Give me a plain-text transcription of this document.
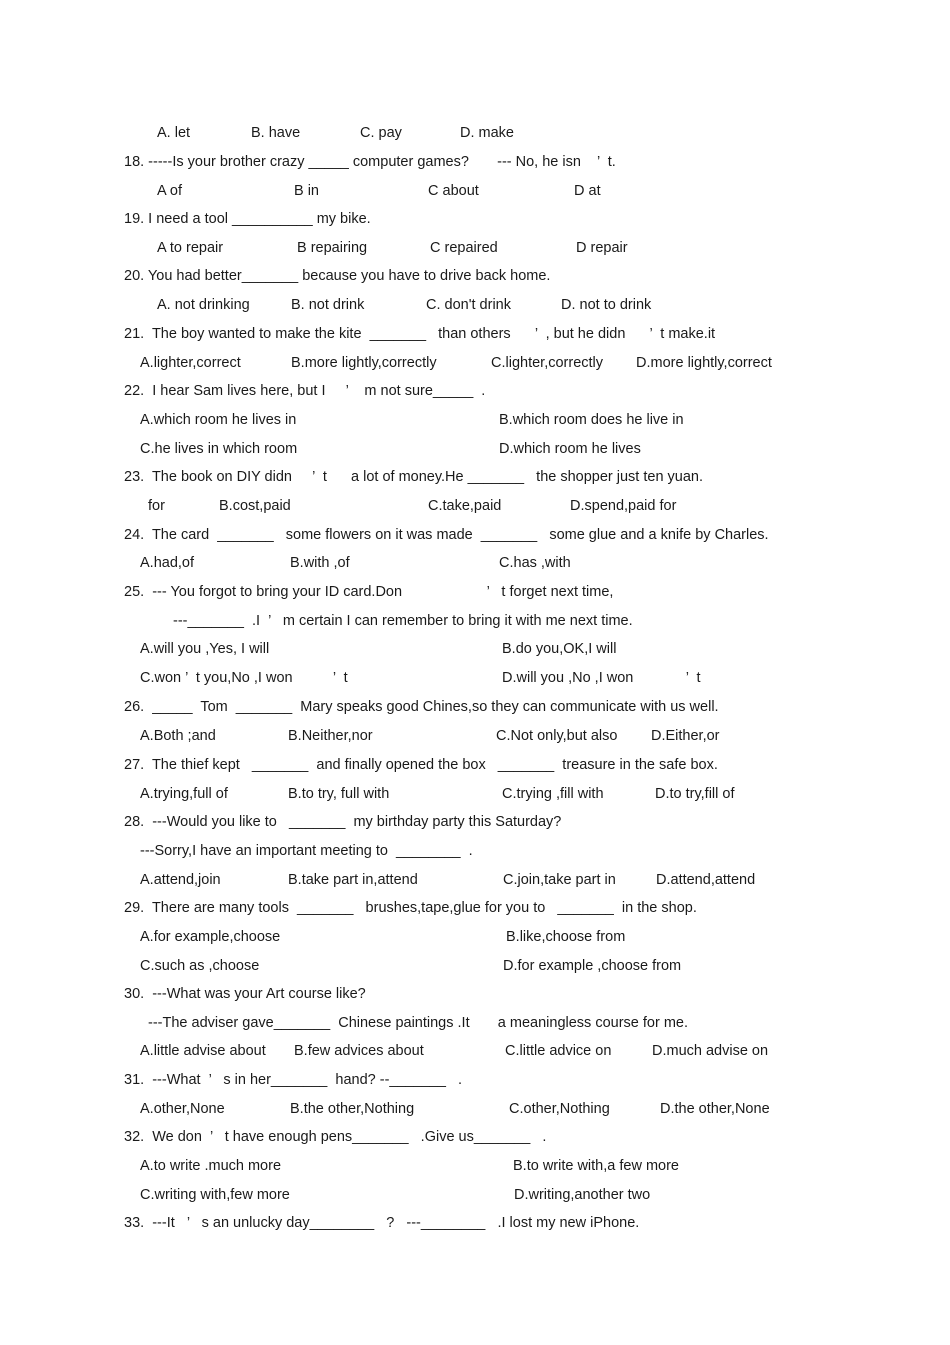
A. let	B. have	C. pay	D. make
18. -----Is your brother crazy _____ computer games?       --- No, he isn    ’  t.
A of	B in	C about	D at
19. I need a tool __________ my bike.
A to repair	B repairing	C repaired	D repair
20. You had better_______ because you have to drive back home.
A. not drinking	B. not drink	C. don't drink	D. not to drink
21.  The boy wanted to make the kite  _______   than others      ’  , but he didn      ’  t make.it
A.lighter,correct	B.more lightly,correctly	C.lighter,correctly D.more lightly,correct
22.  I hear Sam lives here, but I     ’    m not sure_____  .
A.which room he lives in	B.which room does he live in
C.he lives in which room	D.which room he lives
23.  The book on DIY didn     ’  t      a lot of money.He _______   the shopper just ten yuan.
for	B.cost,paid	C.take,paid	D.spend,paid for
24.  The card  _______   some flowers on it was made  _______   some glue and a knife by Charles.
A.had,of	B.with ,of	C.has ,with
25.  --- You forgot to bring your ID card.Don                     ’   t forget next time,
---_______  .I  ’   m certain I can remember to bring it with me next time.
A.will you ,Yes, I will	B.do you,OK,I will
C.won ’  t you,No ,I won          ’  t	D.will you ,No ,I won             ’  t
26.  _____  Tom  _______  Mary speaks good Chines,so they can communicate with us well.
A.Both ;and	B.Neither,nor	C.Not only,but also D.Either,or
27.  The thief kept   _______  and finally opened the box   _______  treasure in the safe box.
A.trying,full of	B.to try, full with	C.trying ,fill with	D.to try,fill of
28.  ---Would you like to   _______  my birthday party this Saturday?
---Sorry,I have an important meeting to  ________  .
A.attend,join	B.take part in,attend	C.join,take part in	D.attend,attend
29.  There are many tools  _______   brushes,tape,glue for you to   _______  in the shop.
A.for example,choose	B.like,choose from
C.such as ,choose	D.for example ,choose from
30.  ---What was your Art course like?
---The adviser gave_______  Chinese paintings .It       a meaningless course for me.
A.little advise about B.few advices about	C.little advice on	D.much advise on
31.  ---What  ’   s in her_______  hand? --_______   .
A.other,None	B.the other,Nothing	C.other,Nothing	D.the other,None
32.  We don  ’   t have enough pens_______   .Give us_______   .
A.to write .much more	B.to write with,a few more
C.writing with,few more	D.writing,another two
33.  ---It   ’   s an unlucky day________   ?   ---________   .I lost my new iPhone.
